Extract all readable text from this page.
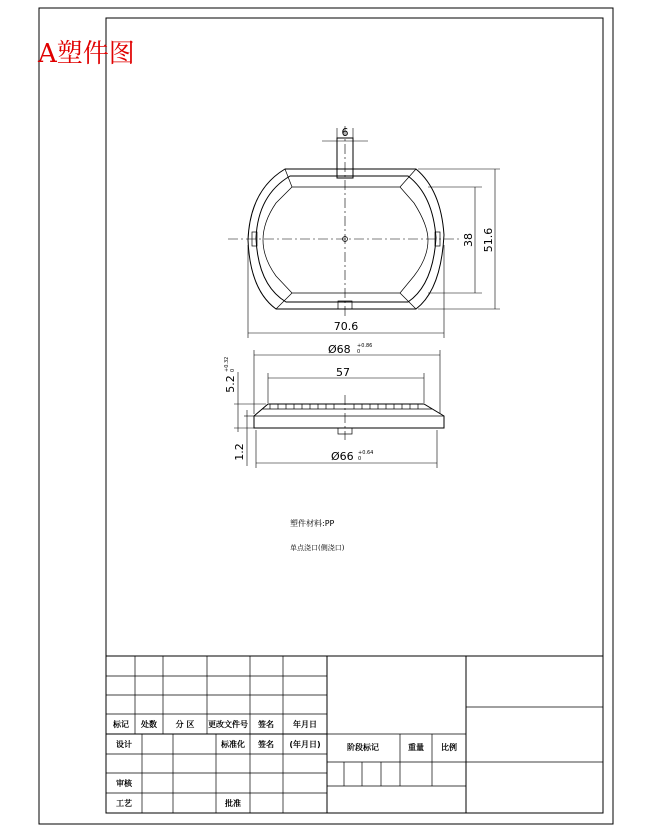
A塑件图
6
70.6
38 51.6
Ø68 +0.86
0
57
5.2
+0.32 0
1.2	Ø66 +0.64
0
塑件材料:PP
单点浇口(侧浇口)
标记 处数 分 区 更改文件号 签名 年月日
设计	标准化 签名 (年月日)	阶段标记	重量 比例
审核
工艺	批准
